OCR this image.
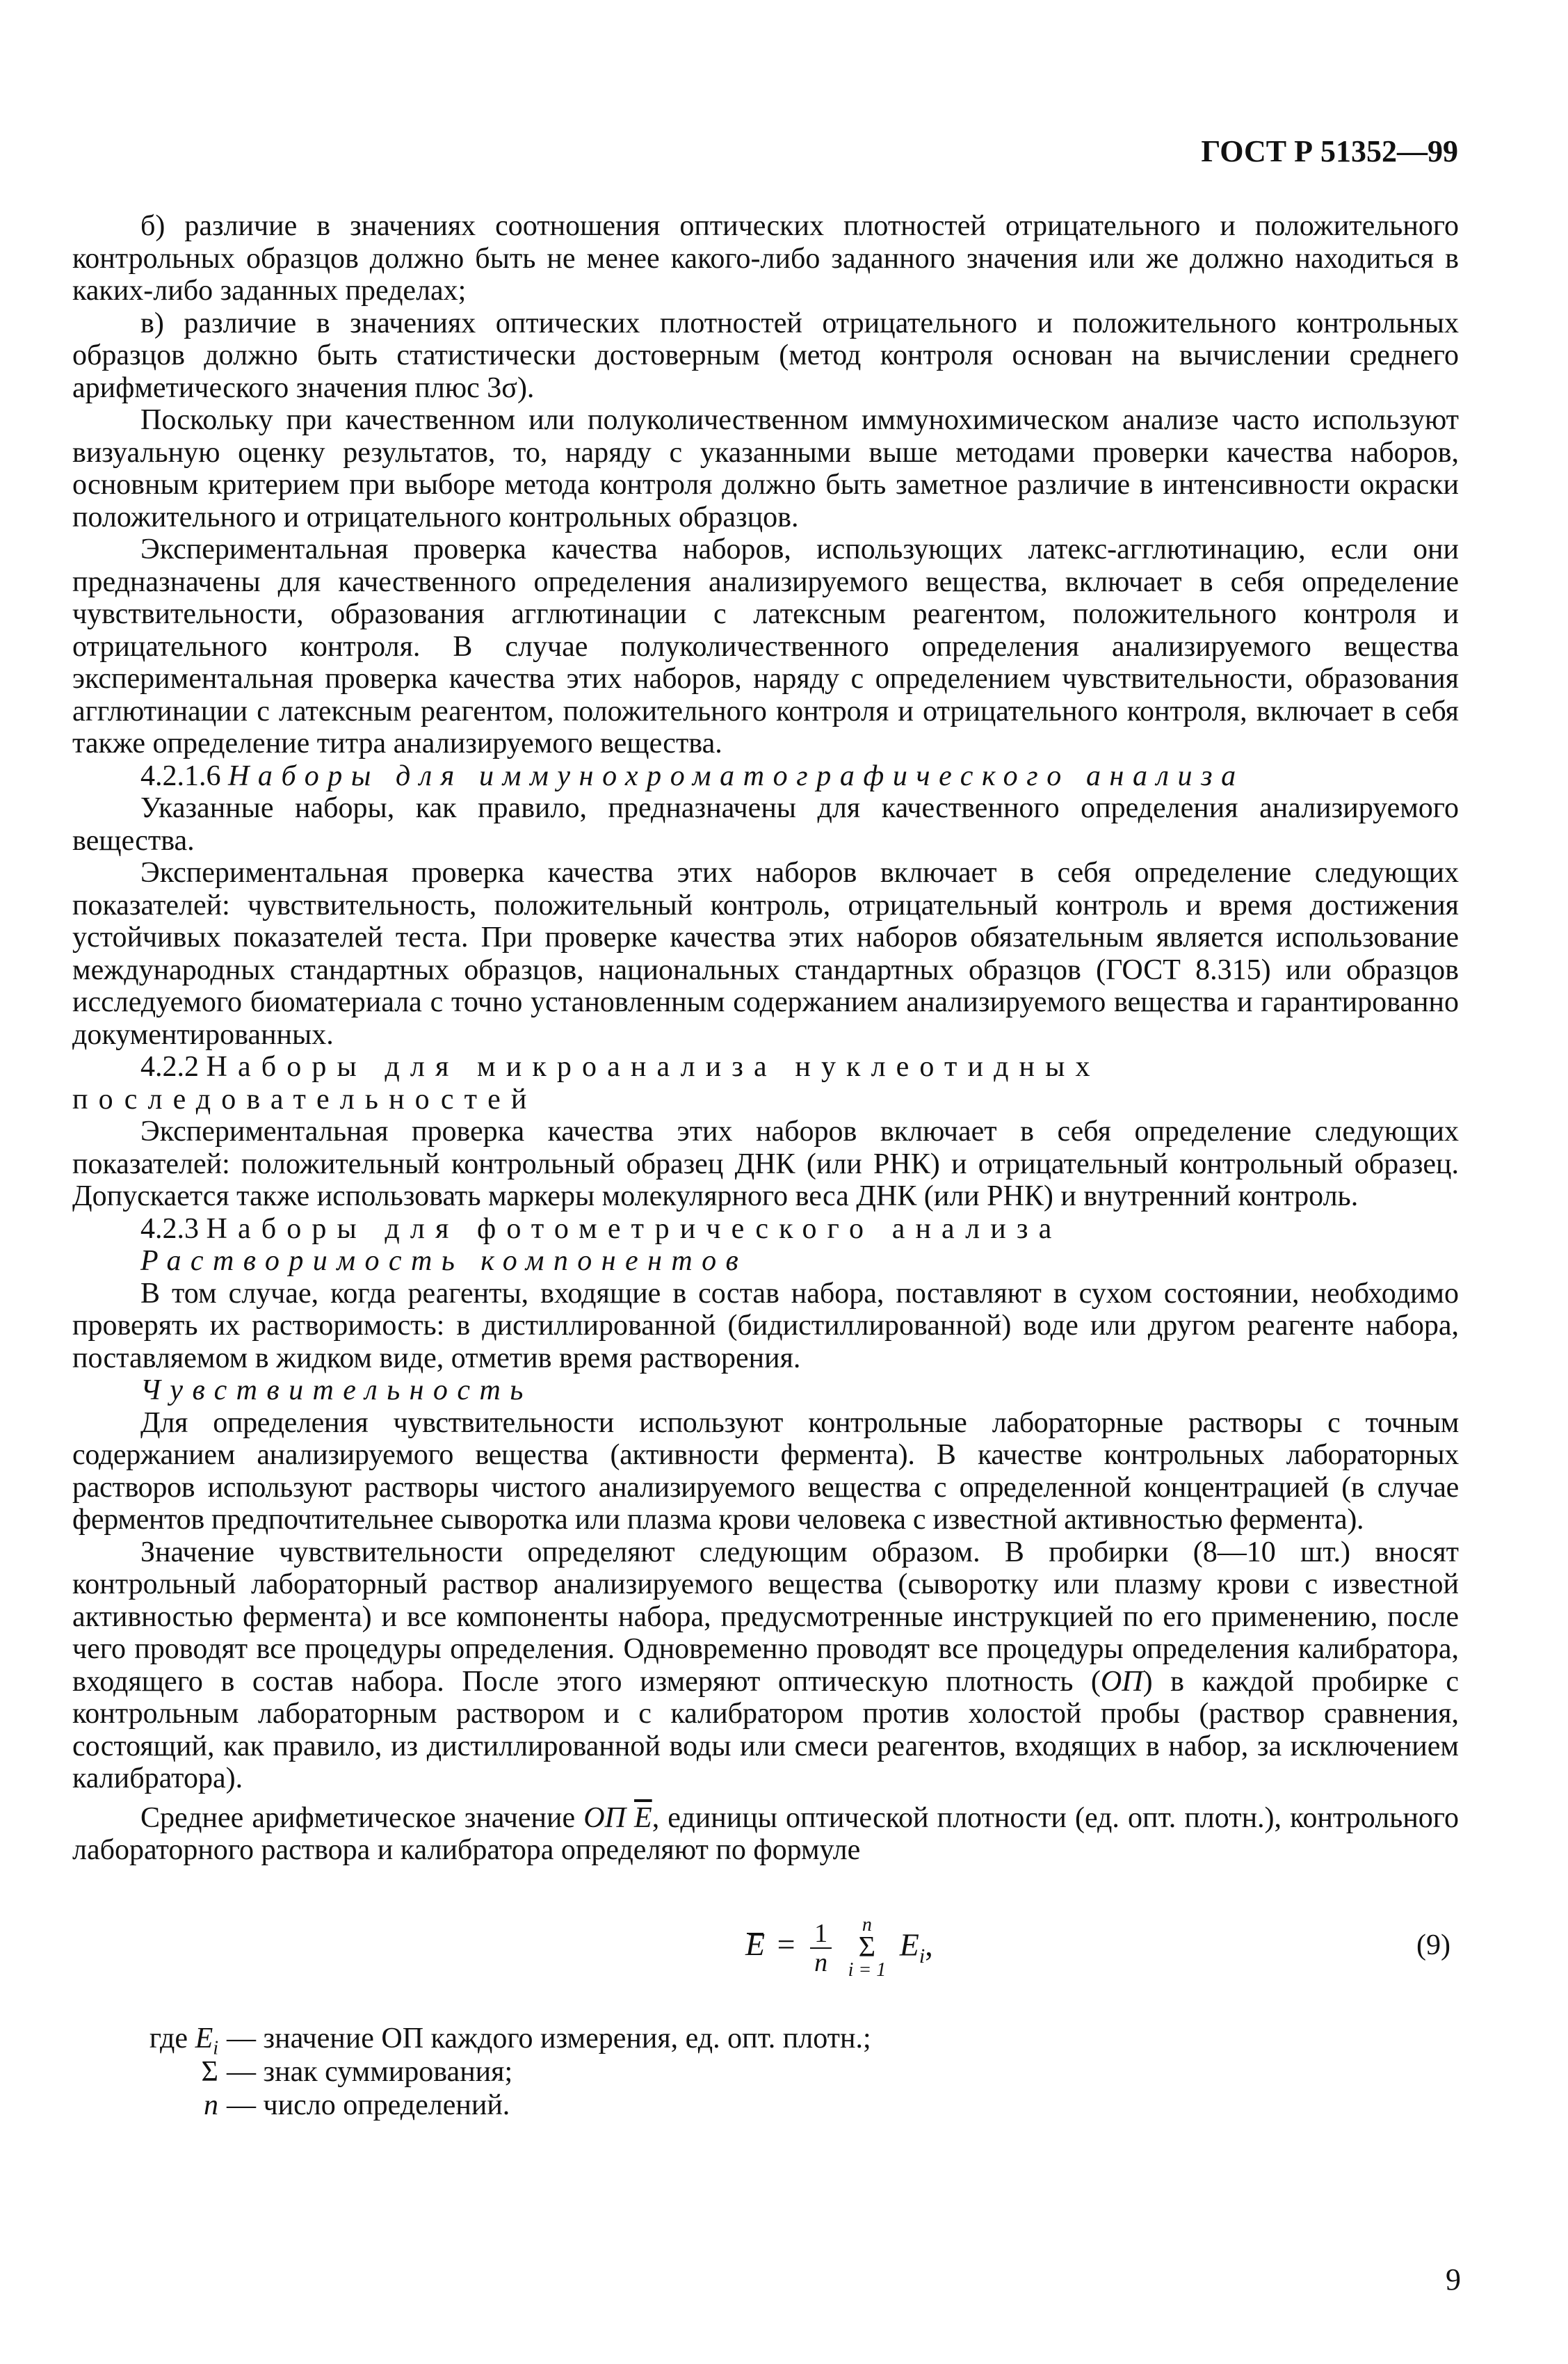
ГОСТ Р 51352—99

б) различие в значениях соотношения оптических плотностей отрицательного и положительного контрольных образцов должно быть не менее какого-либо заданного значения или же должно находиться в каких-либо заданных пределах;

в) различие в значениях оптических плотностей отрицательного и положительного контрольных образцов должно быть статистически достоверным (метод контроля основан на вычислении среднего арифметического значения плюс 3σ).

Поскольку при качественном или полуколичественном иммунохимическом анализе часто используют визуальную оценку результатов, то, наряду с указанными выше методами проверки качества наборов, основным критерием при выборе метода контроля должно быть заметное различие в интенсивности окраски положительного и отрицательного контрольных образцов.

Экспериментальная проверка качества наборов, использующих латекс-агглютинацию, если они предназначены для качественного определения анализируемого вещества, включает в себя определение чувствительности, образования агглютинации с латексным реагентом, положительного контроля и отрицательного контроля. В случае полуколичественного определения анализируемого вещества экспериментальная проверка качества этих наборов, наряду с определением чувствительности, образования агглютинации с латексным реагентом, положительного контроля и отрицательного контроля, включает в себя также определение титра анализируемого вещества.

4.2.1.6 Наборы для иммунохроматографического анализа

Указанные наборы, как правило, предназначены для качественного определения анализируемого вещества.

Экспериментальная проверка качества этих наборов включает в себя определение следующих показателей: чувствительность, положительный контроль, отрицательный контроль и время достижения устойчивых показателей теста. При проверке качества этих наборов обязательным является использование международных стандартных образцов, национальных стандартных образцов (ГОСТ 8.315) или образцов исследуемого биоматериала с точно установленным содержанием анализируемого вещества и гарантированно документированных.

4.2.2 Наборы для микроанализа нуклеотидных последовательностей

Экспериментальная проверка качества этих наборов включает в себя определение следующих показателей: положительный контрольный образец ДНК (или РНК) и отрицательный контрольный образец. Допускается также использовать маркеры молекулярного веса ДНК (или РНК) и внутренний контроль.

4.2.3 Наборы для фотометрического анализа

Растворимость компонентов

В том случае, когда реагенты, входящие в состав набора, поставляют в сухом состоянии, необходимо проверять их растворимость: в дистиллированной (бидистиллированной) воде или другом реагенте набора, поставляемом в жидком виде, отметив время растворения.

Чувствительность

Для определения чувствительности используют контрольные лабораторные растворы с точным содержанием анализируемого вещества (активности фермента). В качестве контрольных лабораторных растворов используют растворы чистого анализируемого вещества с определенной концентрацией (в случае ферментов предпочтительнее сыворотка или плазма крови человека с известной активностью фермента).

Значение чувствительности определяют следующим образом. В пробирки (8—10 шт.) вносят контрольный лабораторный раствор анализируемого вещества (сыворотку или плазму крови с известной активностью фермента) и все компоненты набора, предусмотренные инструкцией по его применению, после чего проводят все процедуры определения. Одновременно проводят все процедуры определения калибратора, входящего в состав набора. После этого измеряют оптическую плотность (ОП) в каждой пробирке с контрольным лабораторным раствором и с калибратором против холостой пробы (раствор сравнения, состоящий, как правило, из дистиллированной воды или смеси реагентов, входящих в набор, за исключением калибратора).

Среднее арифметическое значение ОП $\overline{E}$, единицы оптической плотности (ед. опт. плотн.), контрольного лабораторного раствора и калибратора определяют по формуле

$E = \frac{1}{n}$
	n
Σ
i = 1
$E_i$,	(9)
где $E_i$ — значение ОП каждого измерения, ед. опт. плотн.;
Σ — знак суммирования;
n — число определений.
9
